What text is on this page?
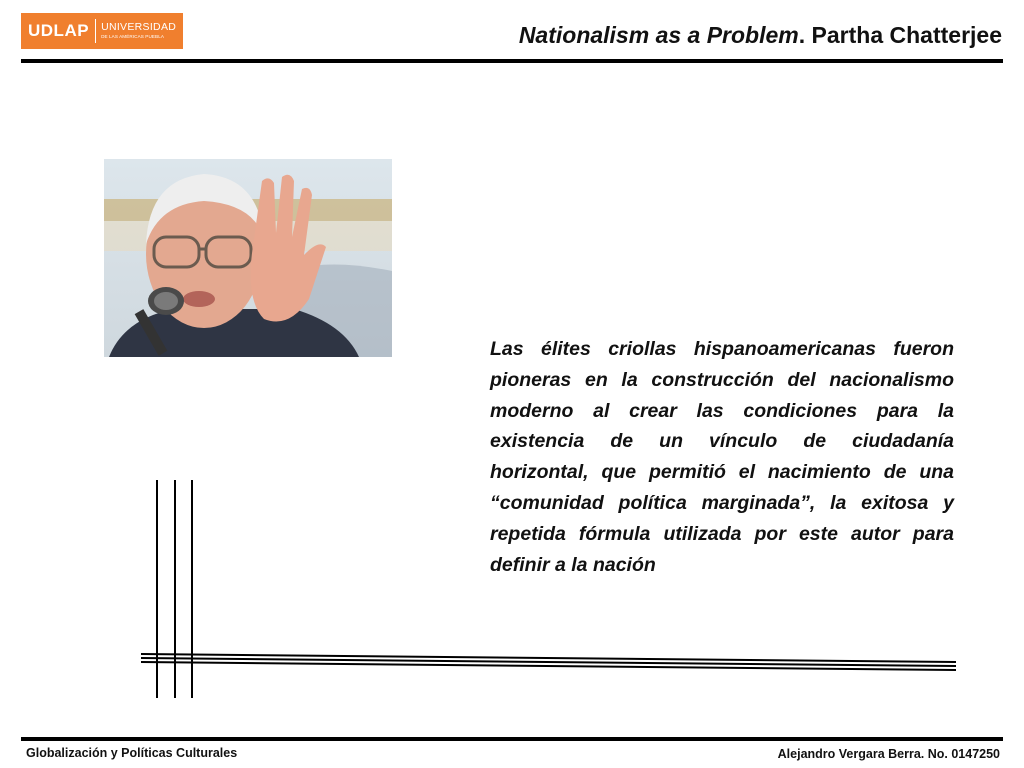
UDLAP UNIVERSIDAD
DE LAS AMÉRICAS PUEBLA	Nationalism as a Problem. Partha Chatterjee
Las élites criollas hispanoamericanas fueron pioneras en la construcción del nacionalismo moderno al crear las condiciones para la existencia de un vínculo de ciudadanía horizontal, que permitió el nacimiento de una “comunidad política marginada”, la exitosa y repetida fórmula utilizada por este autor para definir a la nación
Globalización y Políticas Culturales	Alejandro Vergara Berra. No. 0147250
